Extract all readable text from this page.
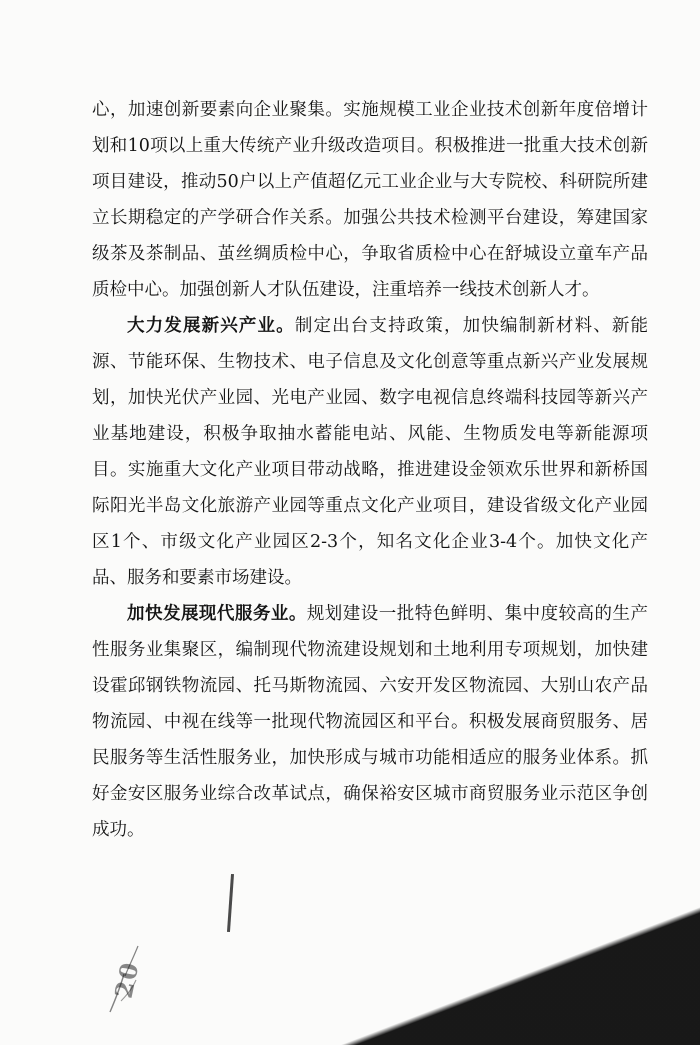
心，加速创新要素向企业聚集。实施规模工业企业技术创新年度倍增计划和10项以上重大传统产业升级改造项目。积极推进一批重大技术创新项目建设，推动50户以上产值超亿元工业企业与大专院校、科研院所建立长期稳定的产学研合作关系。加强公共技术检测平台建设，筹建国家级茶及茶制品、茧丝绸质检中心，争取省质检中心在舒城设立童车产品质检中心。加强创新人才队伍建设，注重培养一线技术创新人才。

大力发展新兴产业。制定出台支持政策，加快编制新材料、新能源、节能环保、生物技术、电子信息及文化创意等重点新兴产业发展规划，加快光伏产业园、光电产业园、数字电视信息终端科技园等新兴产业基地建设，积极争取抽水蓄能电站、风能、生物质发电等新能源项目。实施重大文化产业项目带动战略，推进建设金领欢乐世界和新桥国际阳光半岛文化旅游产业园等重点文化产业项目，建设省级文化产业园区1个、市级文化产业园区2-3个，知名文化企业3-4个。加快文化产品、服务和要素市场建设。

加快发展现代服务业。规划建设一批特色鲜明、集中度较高的生产性服务业集聚区，编制现代物流建设规划和土地利用专项规划，加快建设霍邱钢铁物流园、托马斯物流园、六安开发区物流园、大别山农产品物流园、中视在线等一批现代物流园区和平台。积极发展商贸服务、居民服务等生活性服务业，加快形成与城市功能相适应的服务业体系。抓好金安区服务业综合改革试点，确保裕安区城市商贸服务业示范区争创成功。

20
